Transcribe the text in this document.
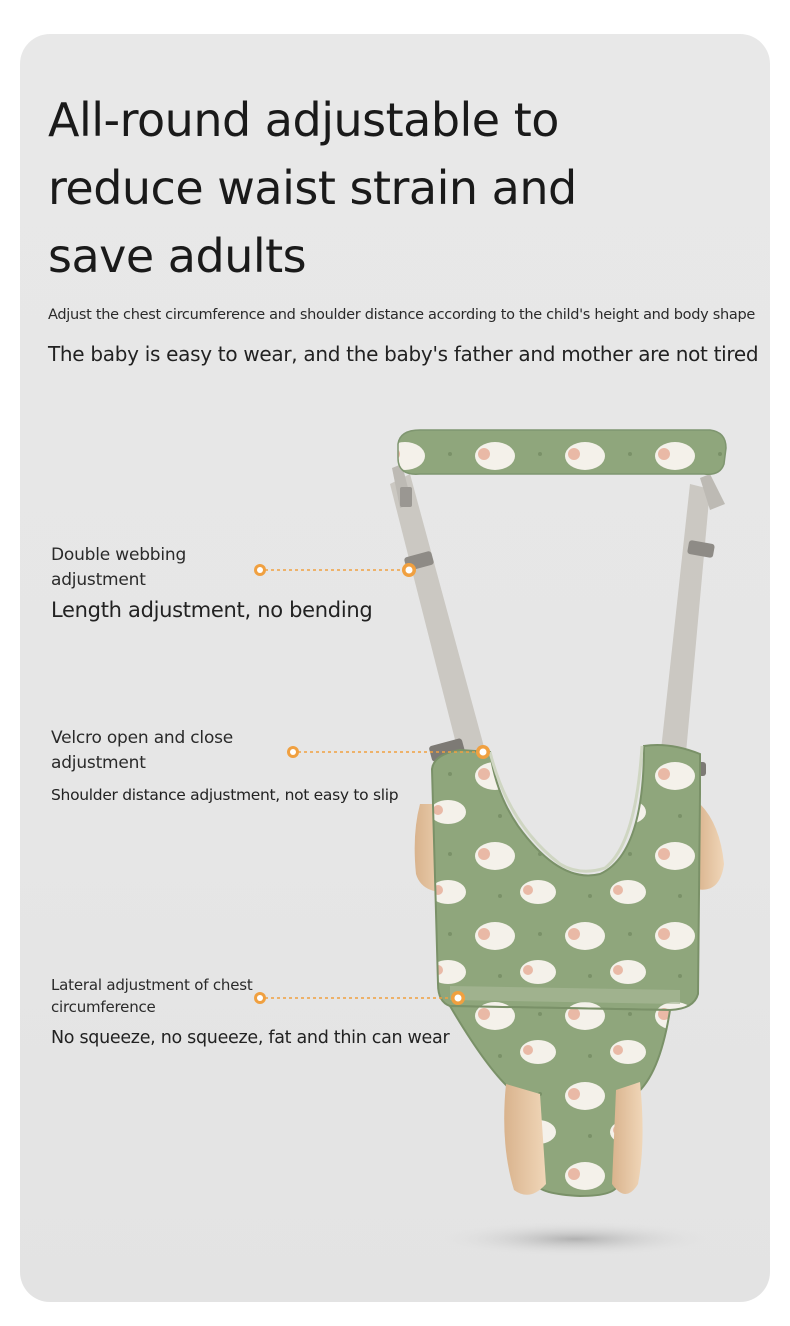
All-round adjustable to reduce waist strain and save adults
Adjust the chest circumference and shoulder distance according to the child's height and body shape
The baby is easy to wear, and the baby's father and mother are not tired
Double webbing adjustment
Length adjustment, no bending
Velcro open and close adjustment
Shoulder distance adjustment, not easy to slip
Lateral adjustment of chest circumference
No squeeze, no squeeze, fat and thin can wear
